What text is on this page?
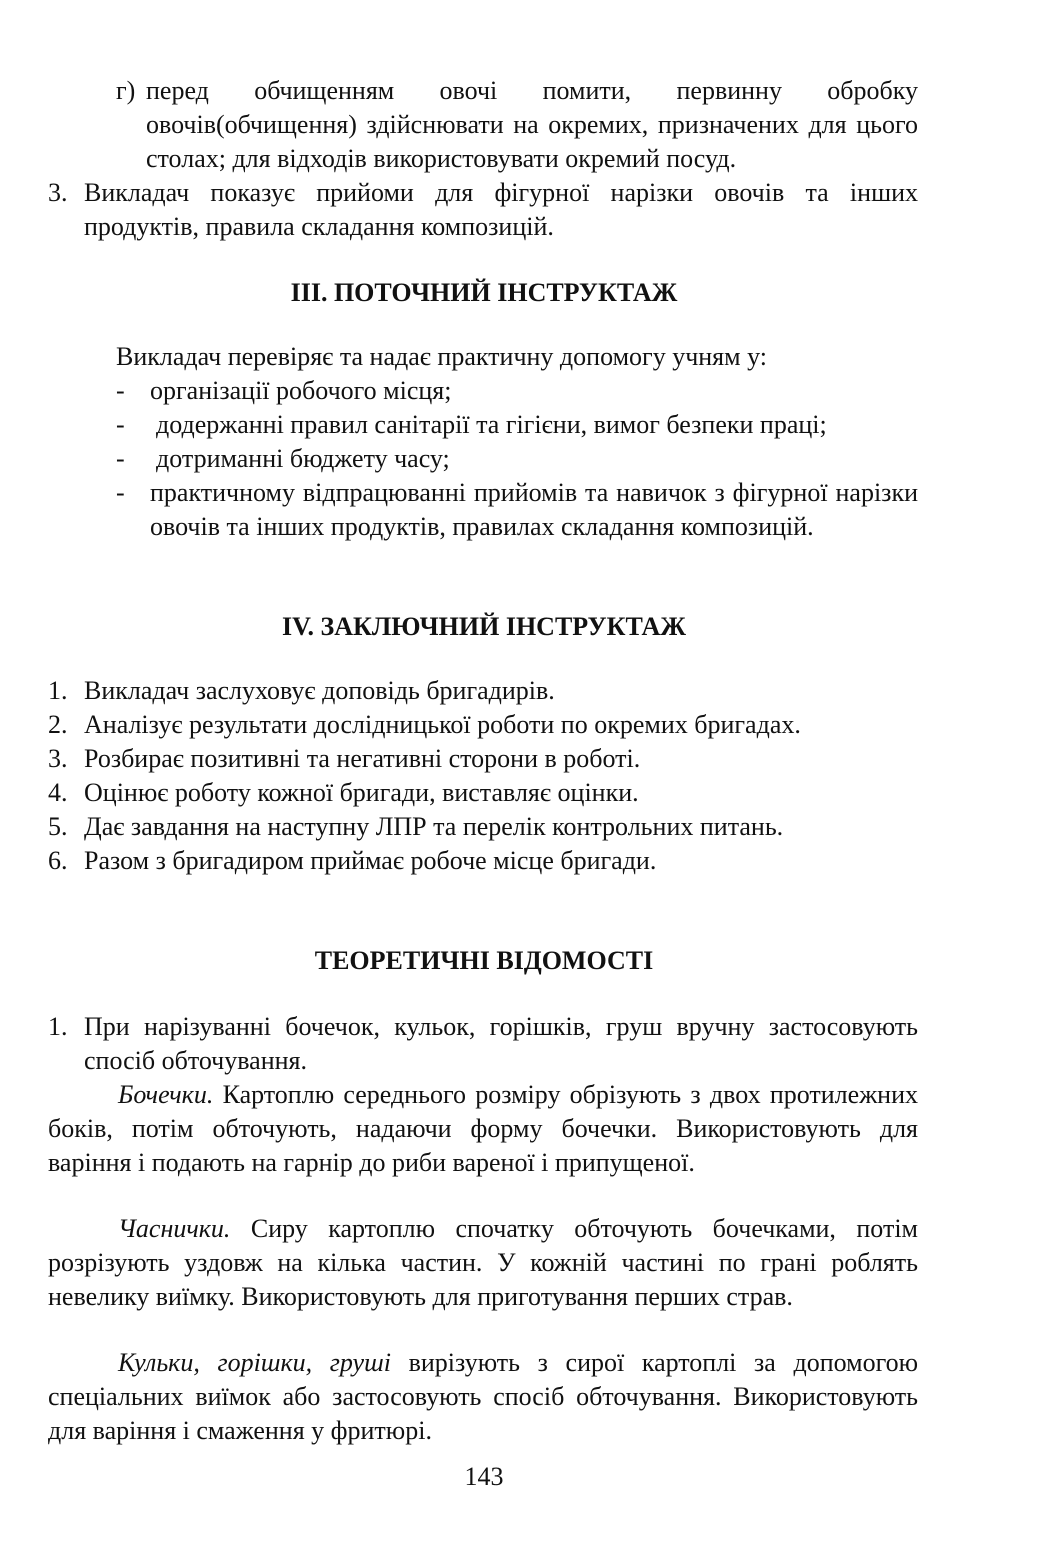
г) перед обчищенням овочі помити, первинну обробку овочів(обчищення) здійснювати на окремих, призначених для цього столах; для відходів використовувати окремий посуд.

3. Викладач показує прийоми для фігурної нарізки овочів та інших продуктів, правила складання композицій.

ІІІ. ПОТОЧНИЙ ІНСТРУКТАЖ

Викладач перевіряє та надає практичну допомогу учням у:

- організації робочого місця;

-	додержанні правил санітарії та гігієни, вимог безпеки праці;

-	дотриманні бюджету часу;

- практичному відпрацюванні прийомів та навичок з фігурної нарізки овочів та інших продуктів, правилах складання композицій.

IV. ЗАКЛЮЧНИЙ ІНСТРУКТАЖ
1. Викладач заслуховує доповідь бригадирів.

2. Аналізує результати дослідницької роботи по окремих бригадах.

3. Розбирає позитивні та негативні сторони в роботі.

4. Оцінює роботу кожної бригади, виставляє оцінки.

5. Дає завдання на наступну ЛПР та перелік контрольних питань.

6. Разом з бригадиром приймає робоче місце бригади.

ТЕОРЕТИЧНІ ВІДОМОСТІ
1. При нарізуванні бочечок, кульок, горішків, груш вручну застосовують спосіб обточування.

Бочечки. Картоплю середнього розміру обрізують з двох протилежних боків, потім обточують, надаючи форму бочечки. Використовують для варіння і подають на гарнір до риби вареної і припущеної.

Часнички. Сиру картоплю спочатку обточують бочечками, потім розрізують уздовж на кілька частин. У кожній частині по грані роблять невелику виїмку. Використовують для приготування перших страв.

Кульки, горішки, груші вирізують з сирої картоплі за допомогою спеціальних виїмок або застосовують спосіб обточування. Використовують для варіння і смаження у фритюрі.

143
